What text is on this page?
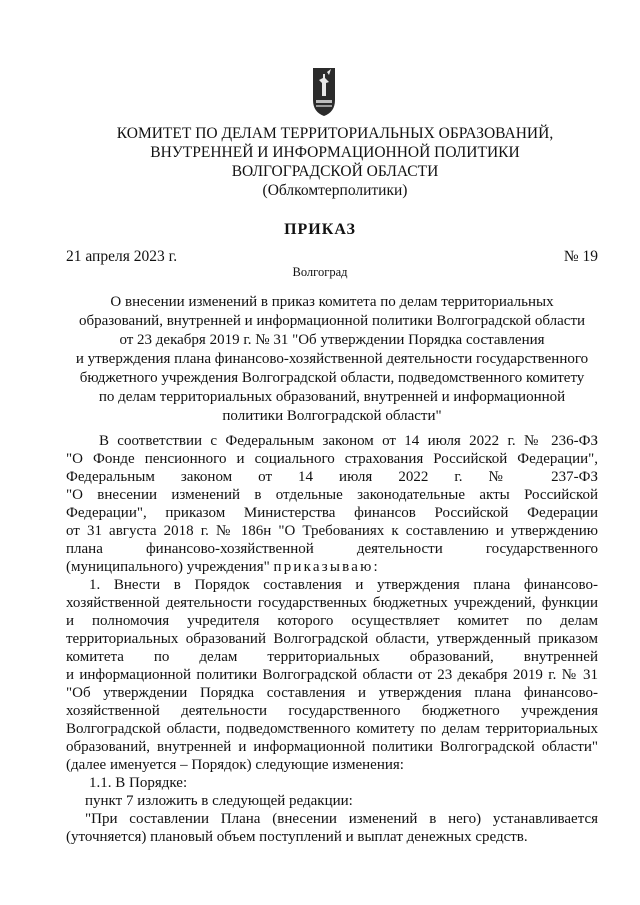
КОМИТЕТ ПО ДЕЛАМ ТЕРРИТОРИАЛЬНЫХ ОБРАЗОВАНИЙ,
ВНУТРЕННЕЙ И ИНФОРМАЦИОННОЙ ПОЛИТИКИ
ВОЛГОГРАДСКОЙ ОБЛАСТИ
(Облкомтерполитики)
ПРИКАЗ
21 апреля 2023 г.	№ 19
Волгоград
О внесении изменений в приказ комитета по делам территориальных
образований, внутренней и информационной политики Волгоградской области
от 23 декабря 2019 г. № 31 "Об утверждении Порядка составления
и утверждения плана финансово-хозяйственной деятельности государственного
бюджетного учреждения Волгоградской области, подведомственного комитету
по делам территориальных образований, внутренней и информационной
политики Волгоградской области"
В соответствии с Федеральным законом от 14 июля 2022 г. № 236-ФЗ
"О Фонде пенсионного и социального страхования Российской Федерации",
Федеральным законом от 14 июля 2022 г. № 237-ФЗ
"О внесении изменений в отдельные законодательные акты Российской
Федерации", приказом Министерства финансов Российской Федерации
от 31 августа 2018 г. № 186н "О Требованиях к составлению и утверждению
плана финансово-хозяйственной деятельности государственного
(муниципального) учреждения" приказываю:
1. Внести в Порядок составления и утверждения плана финансово-
хозяйственной деятельности государственных бюджетных учреждений, функции
и полномочия учредителя которого осуществляет комитет по делам
территориальных образований Волгоградской области, утвержденный приказом
комитета по делам территориальных образований, внутренней
и информационной политики Волгоградской области от 23 декабря 2019 г. № 31
"Об утверждении Порядка составления и утверждения плана финансово-
хозяйственной деятельности государственного бюджетного учреждения
Волгоградской области, подведомственного комитету по делам территориальных
образований, внутренней и информационной политики Волгоградской области"
(далее именуется – Порядок) следующие изменения:
1.1. В Порядке:
пункт 7 изложить в следующей редакции:
"При составлении Плана (внесении изменений в него) устанавливается
(уточняется) плановый объем поступлений и выплат денежных средств.
